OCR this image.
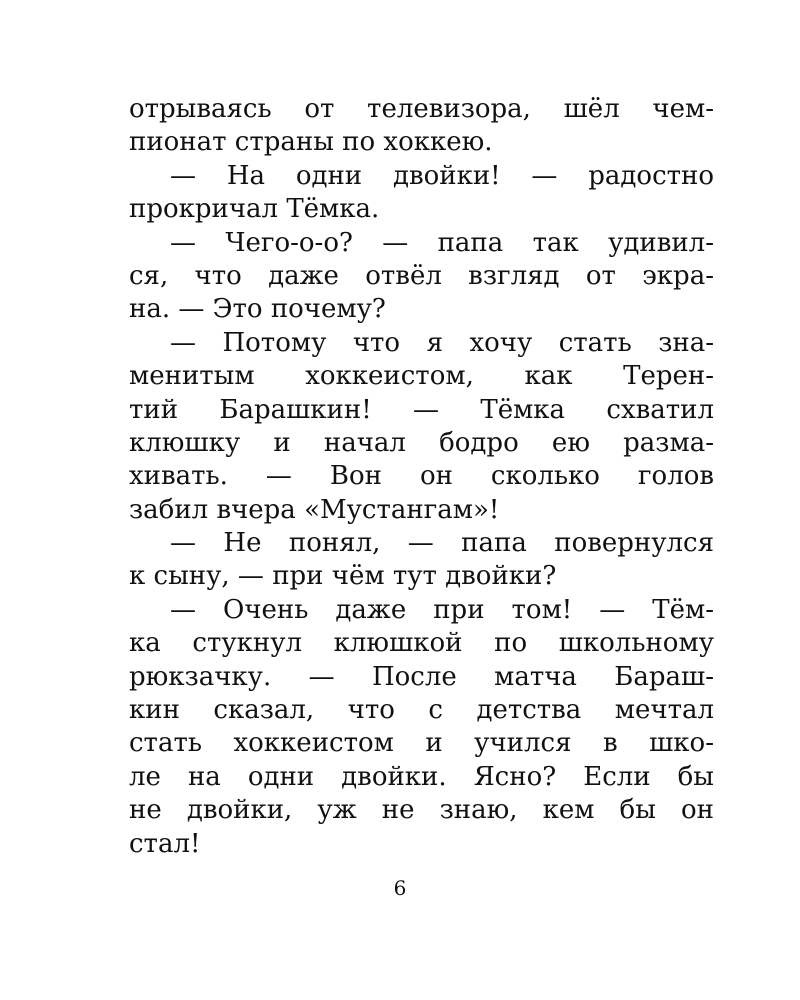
отрываясь от телевизора, шёл чем-
пионат страны по хоккею.
— На одни двойки! — радостно
прокричал Тёмка.
— Чего-о-о? — папа так удивил-
ся, что даже отвёл взгляд от экра-
на. — Это почему?
— Потому что я хочу стать зна-
менитым хоккеистом, как Терен-
тий Барашкин! — Тёмка схватил
клюшку и начал бодро ею разма-
хивать. — Вон он сколько голов
забил вчера «Мустангам»!
— Не понял, — папа повернулся
к сыну, — при чём тут двойки?
— Очень даже при том! — Тём-
ка стукнул клюшкой по школьному
рюкзачку. — После матча Бараш-
кин сказал, что с детства мечтал
стать хоккеистом и учился в шко-
ле на одни двойки. Ясно? Если бы
не двойки, уж не знаю, кем бы он
стал!
6
